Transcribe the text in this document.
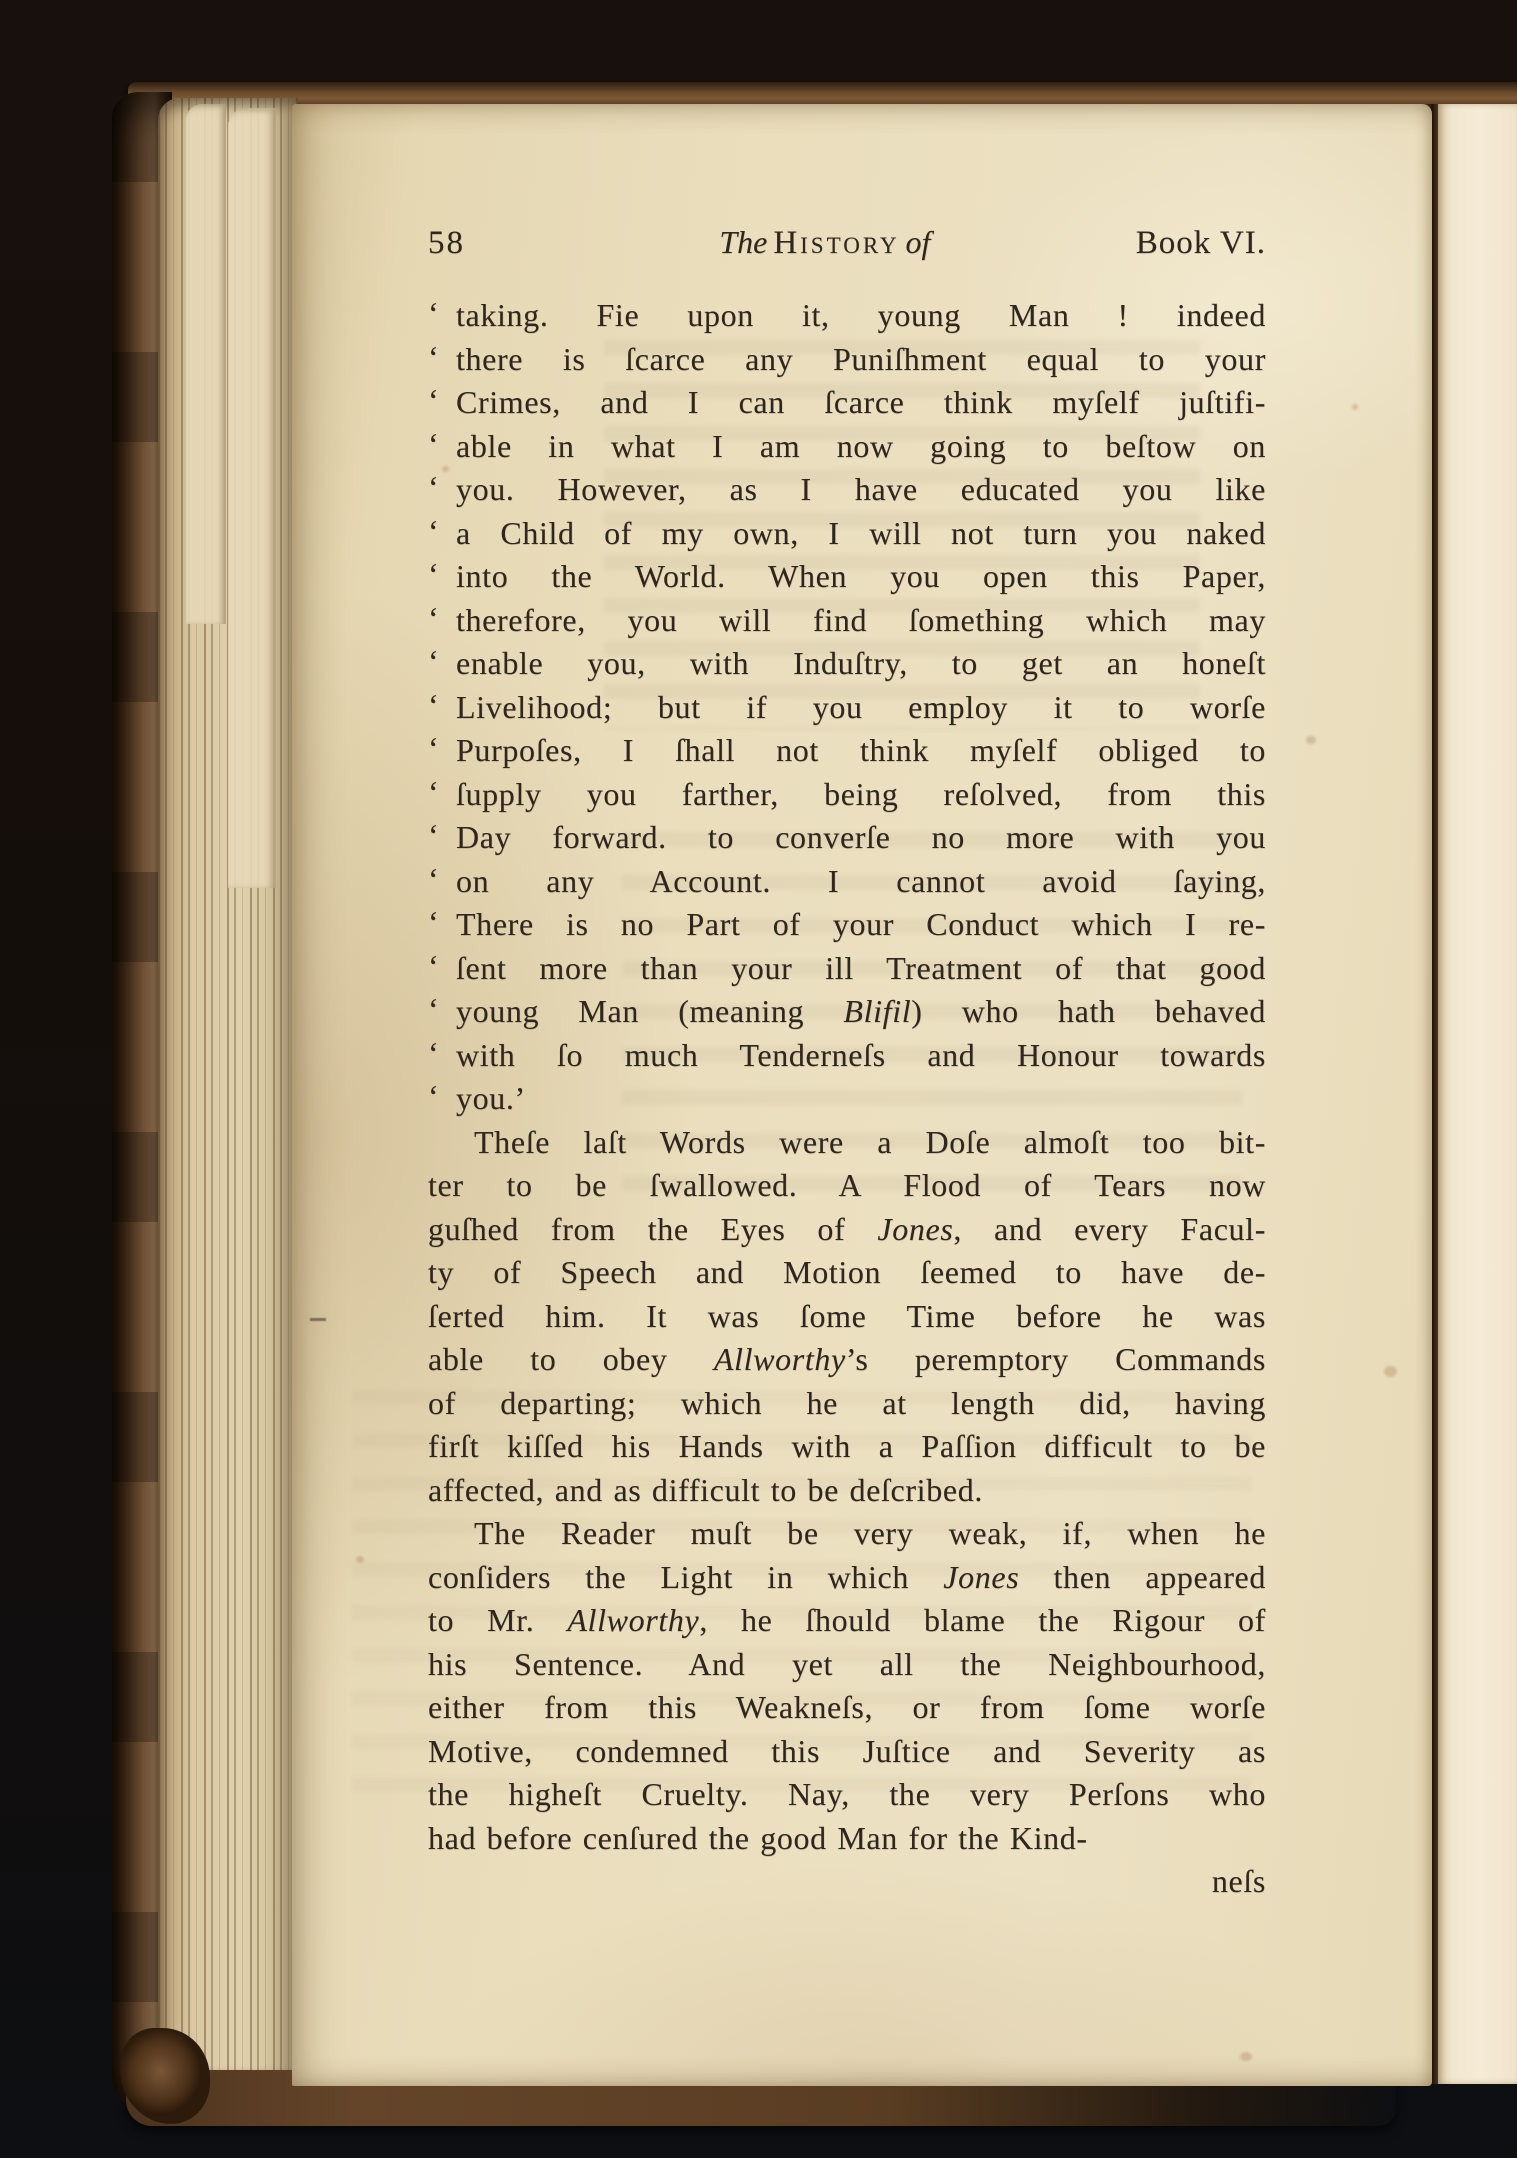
58	The History of	Book VI.
‘ taking. Fie upon it, young Man ! indeed
‘ there is ſcarce any Puniſhment equal to your
‘ Crimes, and I can ſcarce think myſelf juſtifi-
‘ able in what I am now going to beſtow on
‘ you. However, as I have educated you like
‘ a Child of my own, I will not turn you naked
‘ into the World. When you open this Paper,
‘ therefore, you will find ſomething which may
‘ enable you, with Induſtry, to get an honeſt
‘ Livelihood; but if you employ it to worſe
‘ Purpoſes, I ſhall not think myſelf obliged to
‘ ſupply you farther, being reſolved, from this
‘ Day forward. to converſe no more with you
‘ on any Account. I cannot avoid ſaying,
‘ There is no Part of your Conduct which I re-
‘ ſent more than your ill Treatment of that good
‘ young Man (meaning Blifil) who hath behaved
‘ with ſo much Tenderneſs and Honour towards
‘ you.’
Theſe laſt Words were a Doſe almoſt too bit-
ter to be ſwallowed. A Flood of Tears now
guſhed from the Eyes of Jones, and every Facul-
ty of Speech and Motion ſeemed to have de-
ſerted him. It was ſome Time before he was
able to obey Allworthy’s peremptory Commands
of departing; which he at length did, having
firſt kiſſed his Hands with a Paſſion difficult to be
affected, and as difficult to be deſcribed.
The Reader muſt be very weak, if, when he
conſiders the Light in which Jones then appeared
to Mr. Allworthy, he ſhould blame the Rigour of
his Sentence. And yet all the Neighbourhood,
either from this Weakneſs, or from ſome worſe
Motive, condemned this Juſtice and Severity as
the higheſt Cruelty. Nay, the very Perſons who
had before cenſured the good Man for the Kind-
neſs
